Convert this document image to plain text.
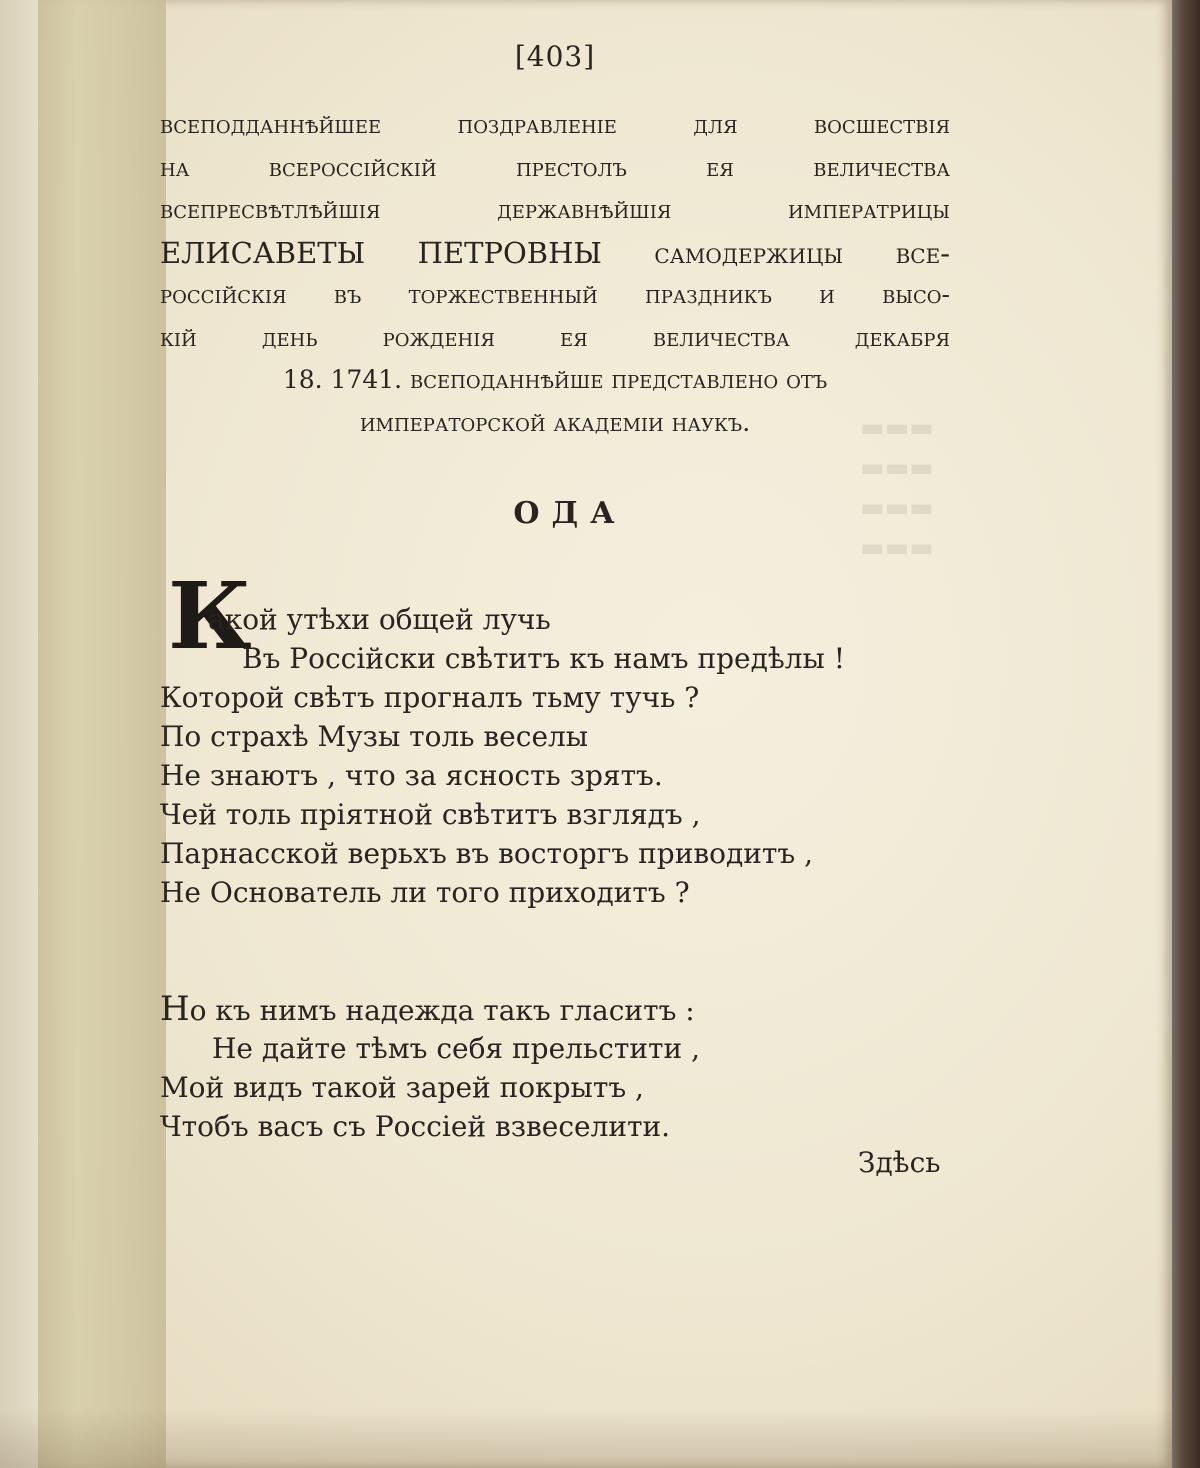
▬▬▬
▬▬▬
▬▬▬
▬▬▬
[403]
всеподданнѣйшее поздравленіе для восшествія
на всероссійскій престолъ ея величества
всепресвѣтлѣйшія державнѣйшія императрицы
ЕЛИСАВЕТЫ ПЕТРОВНЫ самодержицы все-
россійскія въ торжественный праздникъ и высо-
кій день рожденія ея величества декабря
18. 1741. всеподаннѣйше представлено отъ
императорской академіи наукъ.
ОДА
К
акой утѣхи общей лучь
Въ Россійски свѣтитъ къ намъ предѣлы !
Которой свѣтъ прогналъ тьму тучь ?
По страхѣ Музы толь веселы
Не знаютъ , что за ясность зрятъ.
Чей толь пріятной свѣтитъ взглядъ ,
Парнасской верьхъ въ восторгъ приводитъ ,
Не Основатель ли того приходитъ ?
Но къ нимъ надежда такъ гласитъ :
Не дайте тѣмъ себя прельстити ,
Мой видъ такой зарей покрытъ ,
Чтобъ васъ съ Россіей взвеселити.
Здѣсь
